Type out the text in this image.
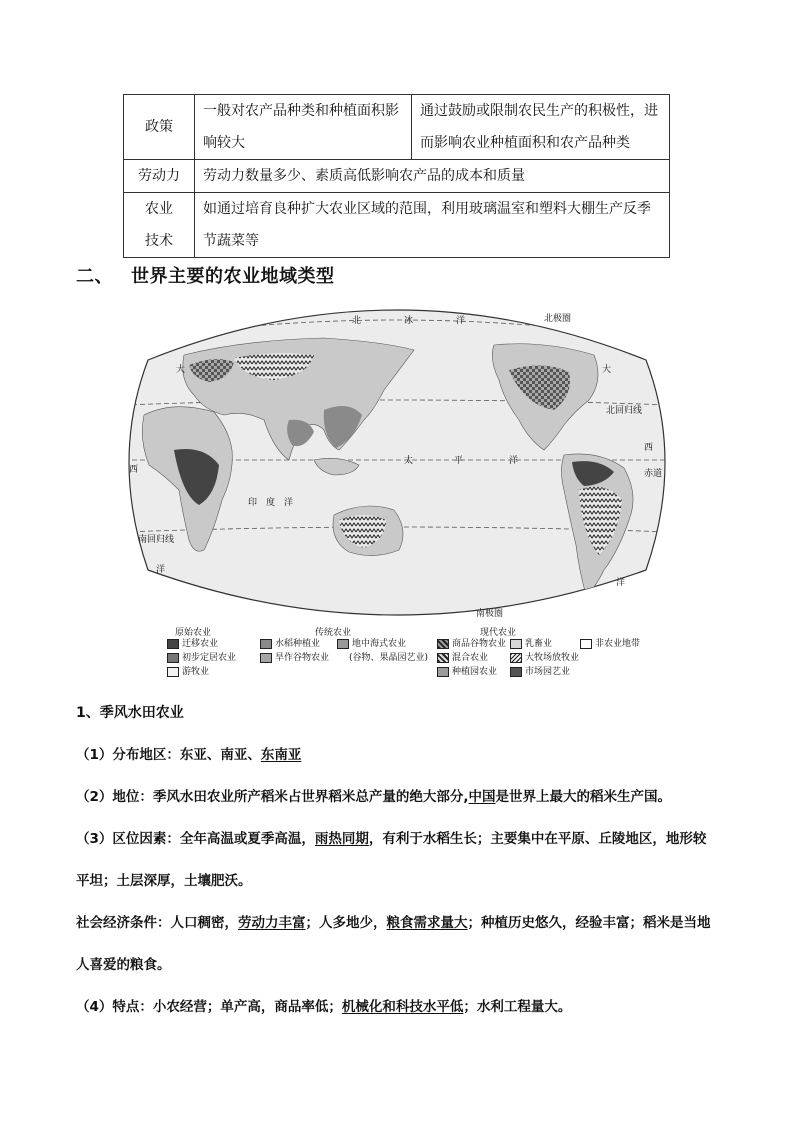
政策	一般对农产品种类和种植面积影响较大	通过鼓励或限制农民生产的积极性，进而影响农业种植面积和农产品种类
劳动力	劳动力数量多少、素质高低影响农产品的成本和质量	

农业
技术	如通过培育良种扩大农业区域的范围，利用玻璃温室和塑料大棚生产反季节蔬菜等	
二、 世界主要的农业地域类型
北	冰	洋	北极圈
大	大
北回归线
西
西
赤道
太	平	洋
印　度　洋
南回归线
洋
洋
南极圈
原始农业	传统农业	现代农业
迁移农业
初步定居农业
游牧业
水稻种植业
旱作谷物农业
地中海式农业
(谷物、果晶园艺业)
商品谷物农业
混合农业
种植园农业
乳畜业
大牧场放牧业
市场园艺业
非农业地带
1、季风水田农业
（1）分布地区：东亚、南亚、东南亚
（2）地位：季风水田农业所产稻米占世界稻米总产量的绝大部分,中国是世界上最大的稻米生产国。
（3）区位因素：全年高温或夏季高温，雨热同期，有利于水稻生长；主要集中在平原、丘陵地区，地形较
平坦；土层深厚，土壤肥沃。
社会经济条件：人口稠密，劳动力丰富；人多地少，粮食需求量大；种植历史悠久，经验丰富；稻米是当地
人喜爱的粮食。
（4）特点：小农经营；单产高，商品率低；机械化和科技水平低；水利工程量大。
